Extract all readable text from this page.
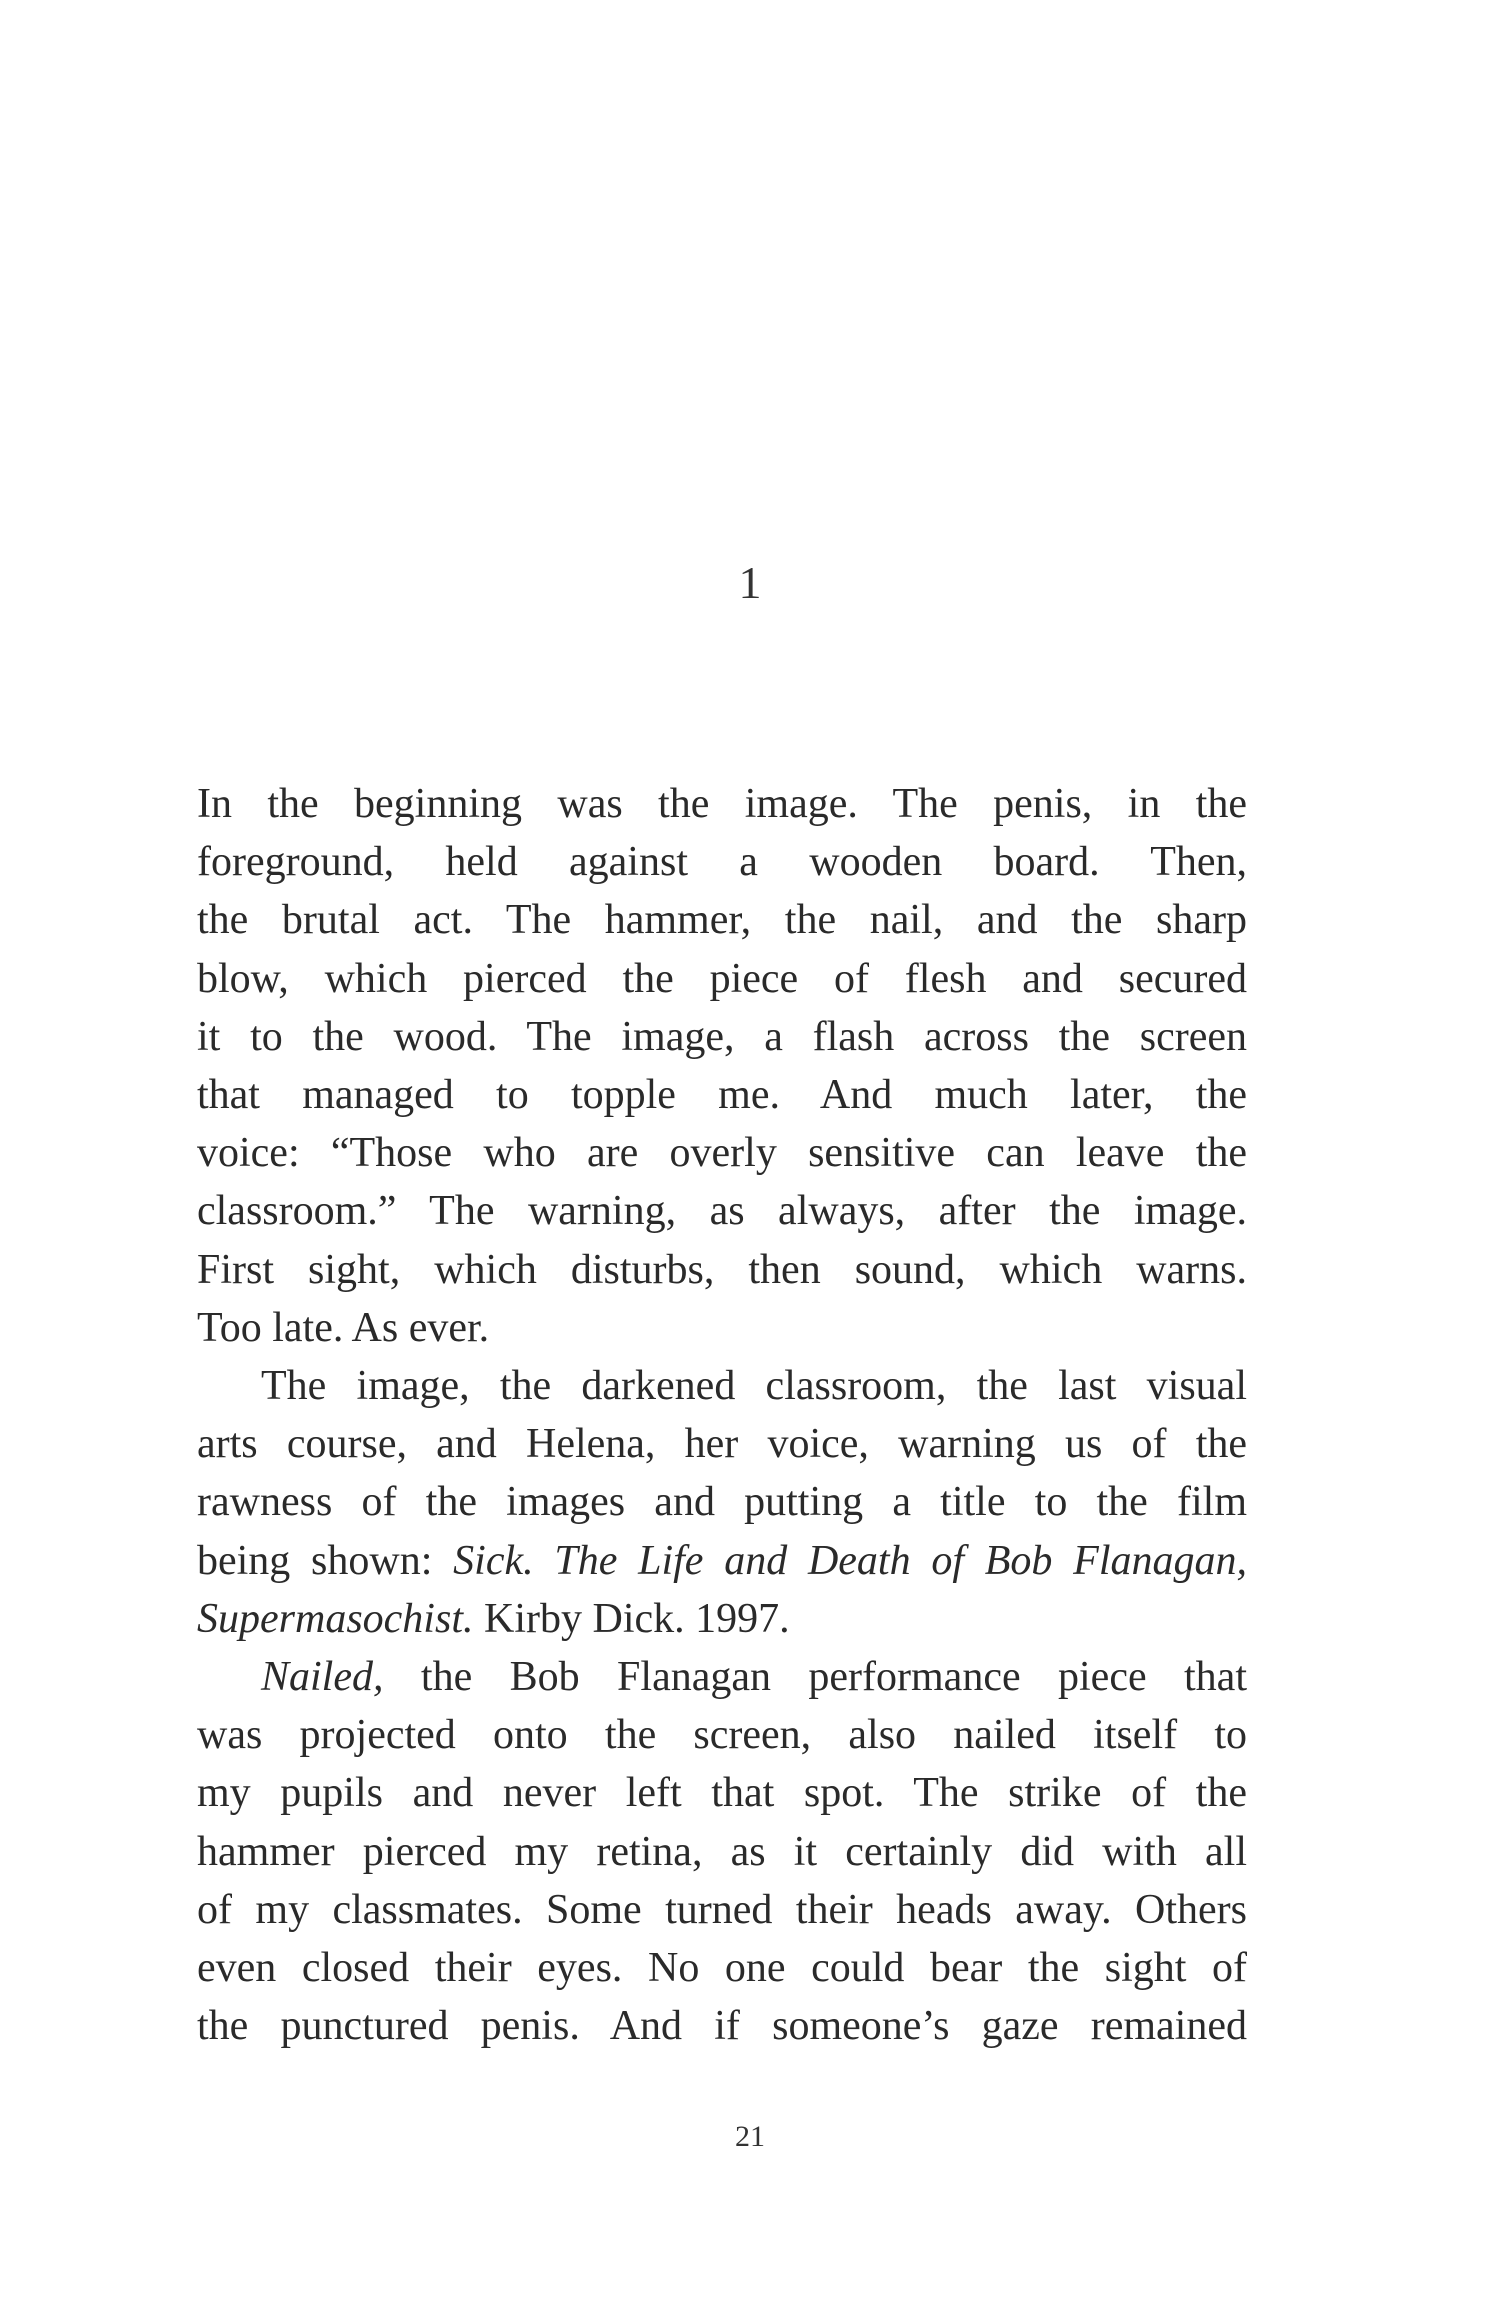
1

In the beginning was the image. The penis, in the
foreground, held against a wooden board. Then,
the brutal act. The hammer, the nail, and the sharp
blow, which pierced the piece of flesh and secured
it to the wood. The image, a flash across the screen
that managed to topple me. And much later, the
voice: “Those who are overly sensitive can leave the
classroom.” The warning, as always, after the image.
First sight, which disturbs, then sound, which warns.
Too late. As ever.

The image, the darkened classroom, the last visual
arts course, and Helena, her voice, warning us of the
rawness of the images and putting a title to the film
being shown: Sick. The Life and Death of Bob Flanagan,
Supermasochist. Kirby Dick. 1997.

Nailed, the Bob Flanagan performance piece that
was projected onto the screen, also nailed itself to
my pupils and never left that spot. The strike of the
hammer pierced my retina, as it certainly did with all
of my classmates. Some turned their heads away. Others
even closed their eyes. No one could bear the sight of
the punctured penis. And if someone’s gaze remained

21
